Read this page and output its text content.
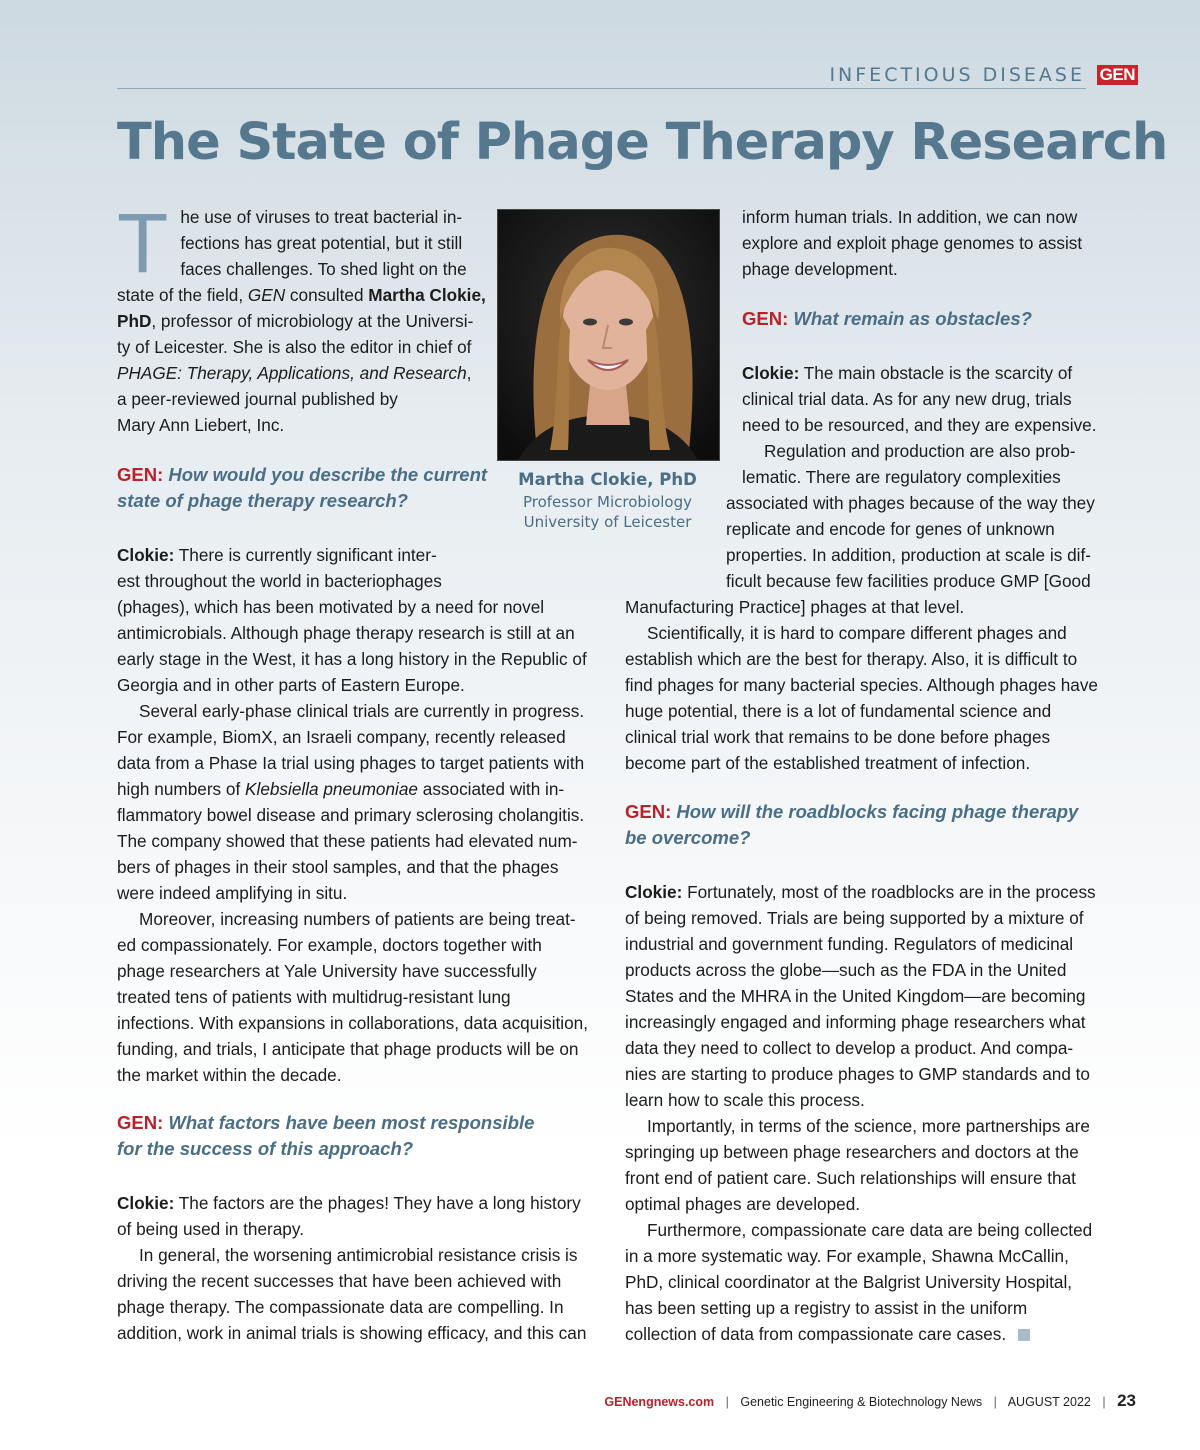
INFECTIOUS DISEASE GEN
The State of Phage Therapy Research
T he use of viruses to treat bacterial in-
fections has great potential, but it still
faces challenges. To shed light on the
state of the field, GEN consulted Martha Clokie,
PhD, professor of microbiology at the Universi-
ty of Leicester. She is also the editor in chief of
PHAGE: Therapy, Applications, and Research,
a peer-reviewed journal published by
Mary Ann Liebert, Inc.
Martha Clokie, PhD
Professor Microbiology
University of Leicester
GEN: How would you describe the current
state of phage therapy research?
Clokie: There is currently significant inter-
est throughout the world in bacteriophages
(phages), which has been motivated by a need for novel
antimicrobials. Although phage therapy research is still at an
early stage in the West, it has a long history in the Republic of
Georgia and in other parts of Eastern Europe.

Several early-phase clinical trials are currently in progress. For example, BiomX, an Israeli company, recently released data from a Phase Ia trial using phages to target patients with high numbers of Klebsiella pneumoniae associated with in-flammatory bowel disease and primary sclerosing cholangitis. The company showed that these patients had elevated num-bers of phages in their stool samples, and that the phages were indeed amplifying in situ.

Moreover, increasing numbers of patients are being treat-ed compassionately. For example, doctors together with phage researchers at Yale University have successfully treated tens of patients with multidrug-resistant lung infections. With expansions in collaborations, data acquisition, funding, and trials, I anticipate that phage products will be on the market within the decade.

GEN: What factors have been most responsible
for the success of this approach?

Clokie: The factors are the phages! They have a long history of being used in therapy.

In general, the worsening antimicrobial resistance crisis is driving the recent successes that have been achieved with phage therapy. The compassionate data are compelling. In addition, work in animal trials is showing efficacy, and this can

inform human trials. In addition, we can now
explore and exploit phage genomes to assist
phage development.
GEN: What remain as obstacles?
Clokie: The main obstacle is the scarcity of
clinical trial data. As for any new drug, trials
need to be resourced, and they are expensive.
Regulation and production are also prob-
lematic. There are regulatory complexities
associated with phages because of the way they
replicate and encode for genes of unknown
properties. In addition, production at scale is dif-
ficult because few facilities produce GMP [Good
Manufacturing Practice] phages at that level.

Scientifically, it is hard to compare different phages and establish which are the best for therapy. Also, it is difficult to find phages for many bacterial species. Although phages have huge potential, there is a lot of fundamental science and clinical trial work that remains to be done before phages become part of the established treatment of infection.

GEN: How will the roadblocks facing phage therapy
be overcome?

Clokie: Fortunately, most of the roadblocks are in the process of being removed. Trials are being supported by a mixture of industrial and government funding. Regulators of medicinal products across the globe—such as the FDA in the United States and the MHRA in the United Kingdom—are becoming increasingly engaged and informing phage researchers what data they need to collect to develop a product. And compa-nies are starting to produce phages to GMP standards and to learn how to scale this process.

Importantly, in terms of the science, more partnerships are springing up between phage researchers and doctors at the front end of patient care. Such relationships will ensure that optimal phages are developed.

Furthermore, compassionate care data are being collected in a more systematic way. For example, Shawna McCallin, PhD, clinical coordinator at the Balgrist University Hospital, has been setting up a registry to assist in the uniform collection of data from compassionate care cases.

GENengnews.com | Genetic Engineering & Biotechnology News | AUGUST 2022 | 23
